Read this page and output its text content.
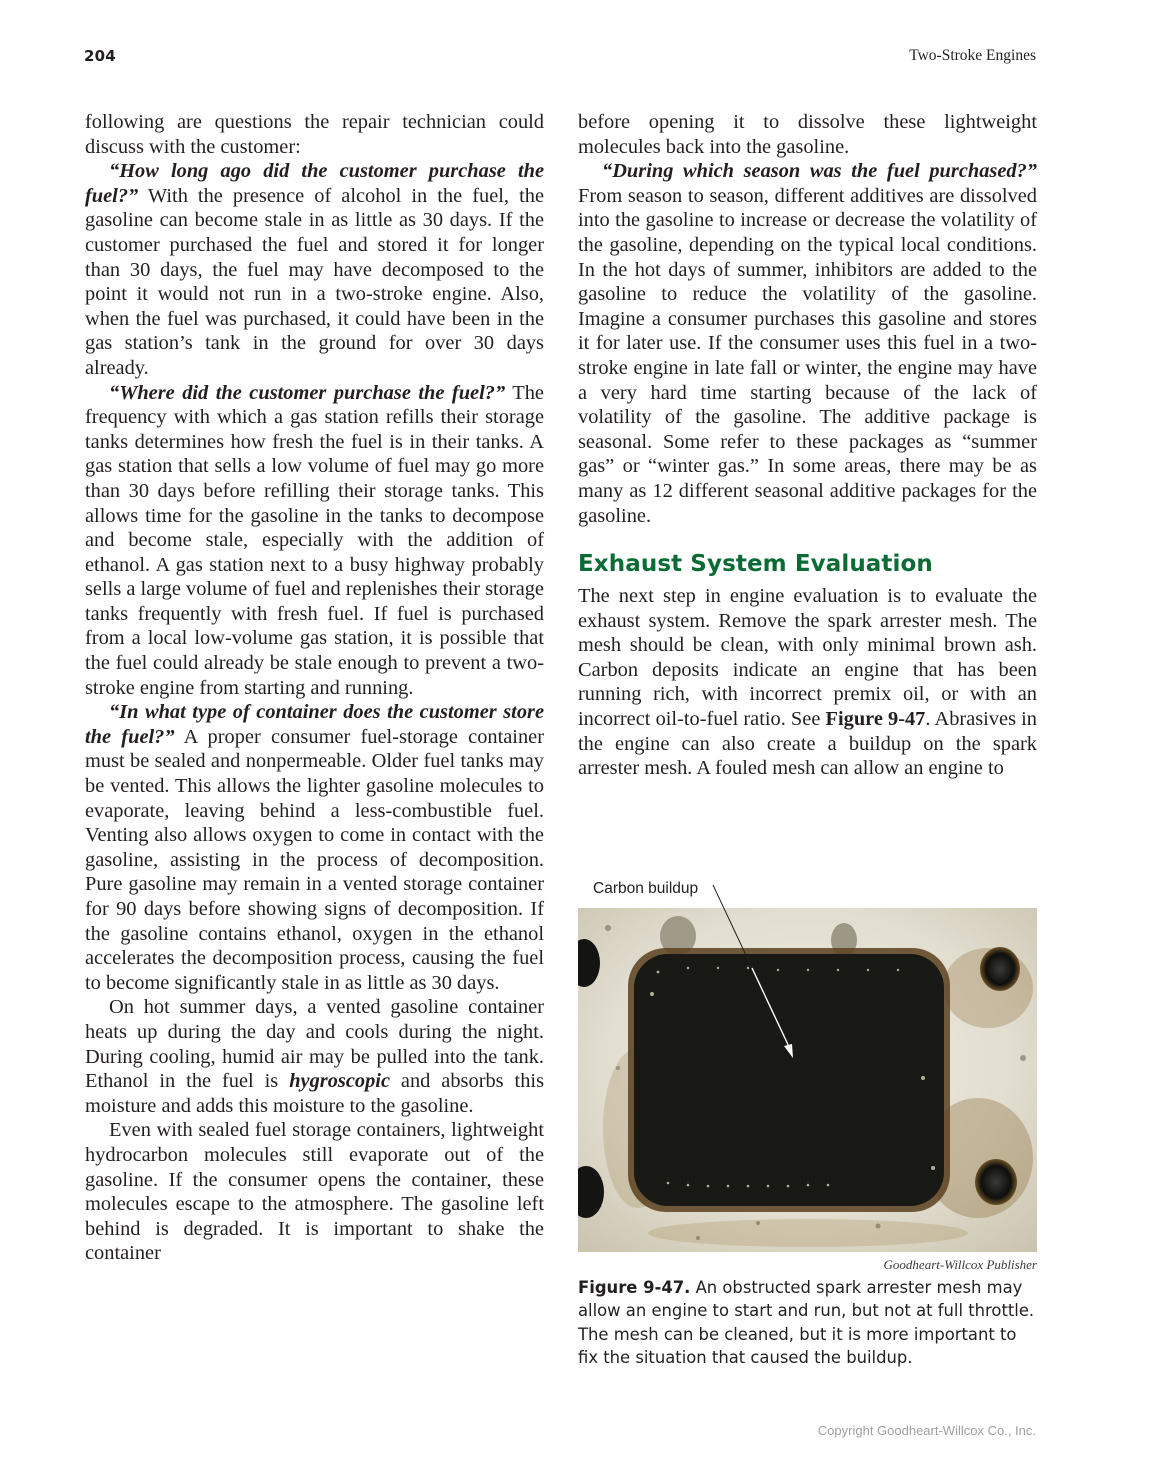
204	Two-Stroke Engines

following are questions the repair technician could discuss with the customer:

“How long ago did the customer purchase the fuel?” With the presence of alcohol in the fuel, the gasoline can become stale in as little as 30 days. If the customer purchased the fuel and stored it for longer than 30 days, the fuel may have decomposed to the point it would not run in a two-stroke engine. Also, when the fuel was purchased, it could have been in the gas station’s tank in the ground for over 30 days already.

“Where did the customer purchase the fuel?” The frequency with which a gas station refills their storage tanks determines how fresh the fuel is in their tanks. A gas station that sells a low volume of fuel may go more than 30 days before refilling their storage tanks. This allows time for the gasoline in the tanks to decompose and become stale, especially with the addition of ethanol. A gas station next to a busy highway probably sells a large volume of fuel and replenishes their storage tanks frequently with fresh fuel. If fuel is purchased from a local low-volume gas station, it is possible that the fuel could already be stale enough to prevent a two-stroke engine from starting and running.

“In what type of container does the customer store the fuel?” A proper consumer fuel-storage container must be sealed and nonpermeable. Older fuel tanks may be vented. This allows the lighter gasoline molecules to evaporate, leaving behind a less-combustible fuel. Venting also allows oxygen to come in contact with the gasoline, assisting in the process of decomposition. Pure gasoline may remain in a vented storage container for 90 days before showing signs of decomposition. If the gasoline contains ethanol, oxygen in the ethanol accelerates the decomposition process, causing the fuel to become significantly stale in as little as 30 days.

On hot summer days, a vented gasoline container heats up during the day and cools during the night. During cooling, humid air may be pulled into the tank. Ethanol in the fuel is hygroscopic and absorbs this moisture and adds this moisture to the gasoline.

Even with sealed fuel storage containers, lightweight hydrocarbon molecules still evaporate out of the gasoline. If the consumer opens the container, these molecules escape to the atmosphere. The gasoline left behind is degraded. It is important to shake the container

before opening it to dissolve these lightweight molecules back into the gasoline.

“During which season was the fuel purchased?” From season to season, different additives are dissolved into the gasoline to increase or decrease the volatility of the gasoline, depending on the typical local conditions. In the hot days of summer, inhibitors are added to the gasoline to reduce the volatility of the gasoline. Imagine a consumer purchases this gasoline and stores it for later use. If the consumer uses this fuel in a two-stroke engine in late fall or winter, the engine may have a very hard time starting because of the lack of volatility of the gasoline. The additive package is seasonal. Some refer to these packages as “summer gas” or “winter gas.” In some areas, there may be as many as 12 different seasonal additive packages for the gasoline.

Exhaust System Evaluation

The next step in engine evaluation is to evaluate the exhaust system. Remove the spark arrester mesh. The mesh should be clean, with only minimal brown ash. Carbon deposits indicate an engine that has been running rich, with incorrect premix oil, or with an incorrect oil-to-fuel ratio. See Figure 9-47. Abrasives in the engine can also create a buildup on the spark arrester mesh. A fouled mesh can allow an engine to

Carbon buildup
Goodheart-Willcox Publisher
Figure 9-47. An obstructed spark arrester mesh may allow an engine to start and run, but not at full throttle. The mesh can be cleaned, but it is more important to fix the situation that caused the buildup.
Copyright Goodheart-Willcox Co., Inc.
